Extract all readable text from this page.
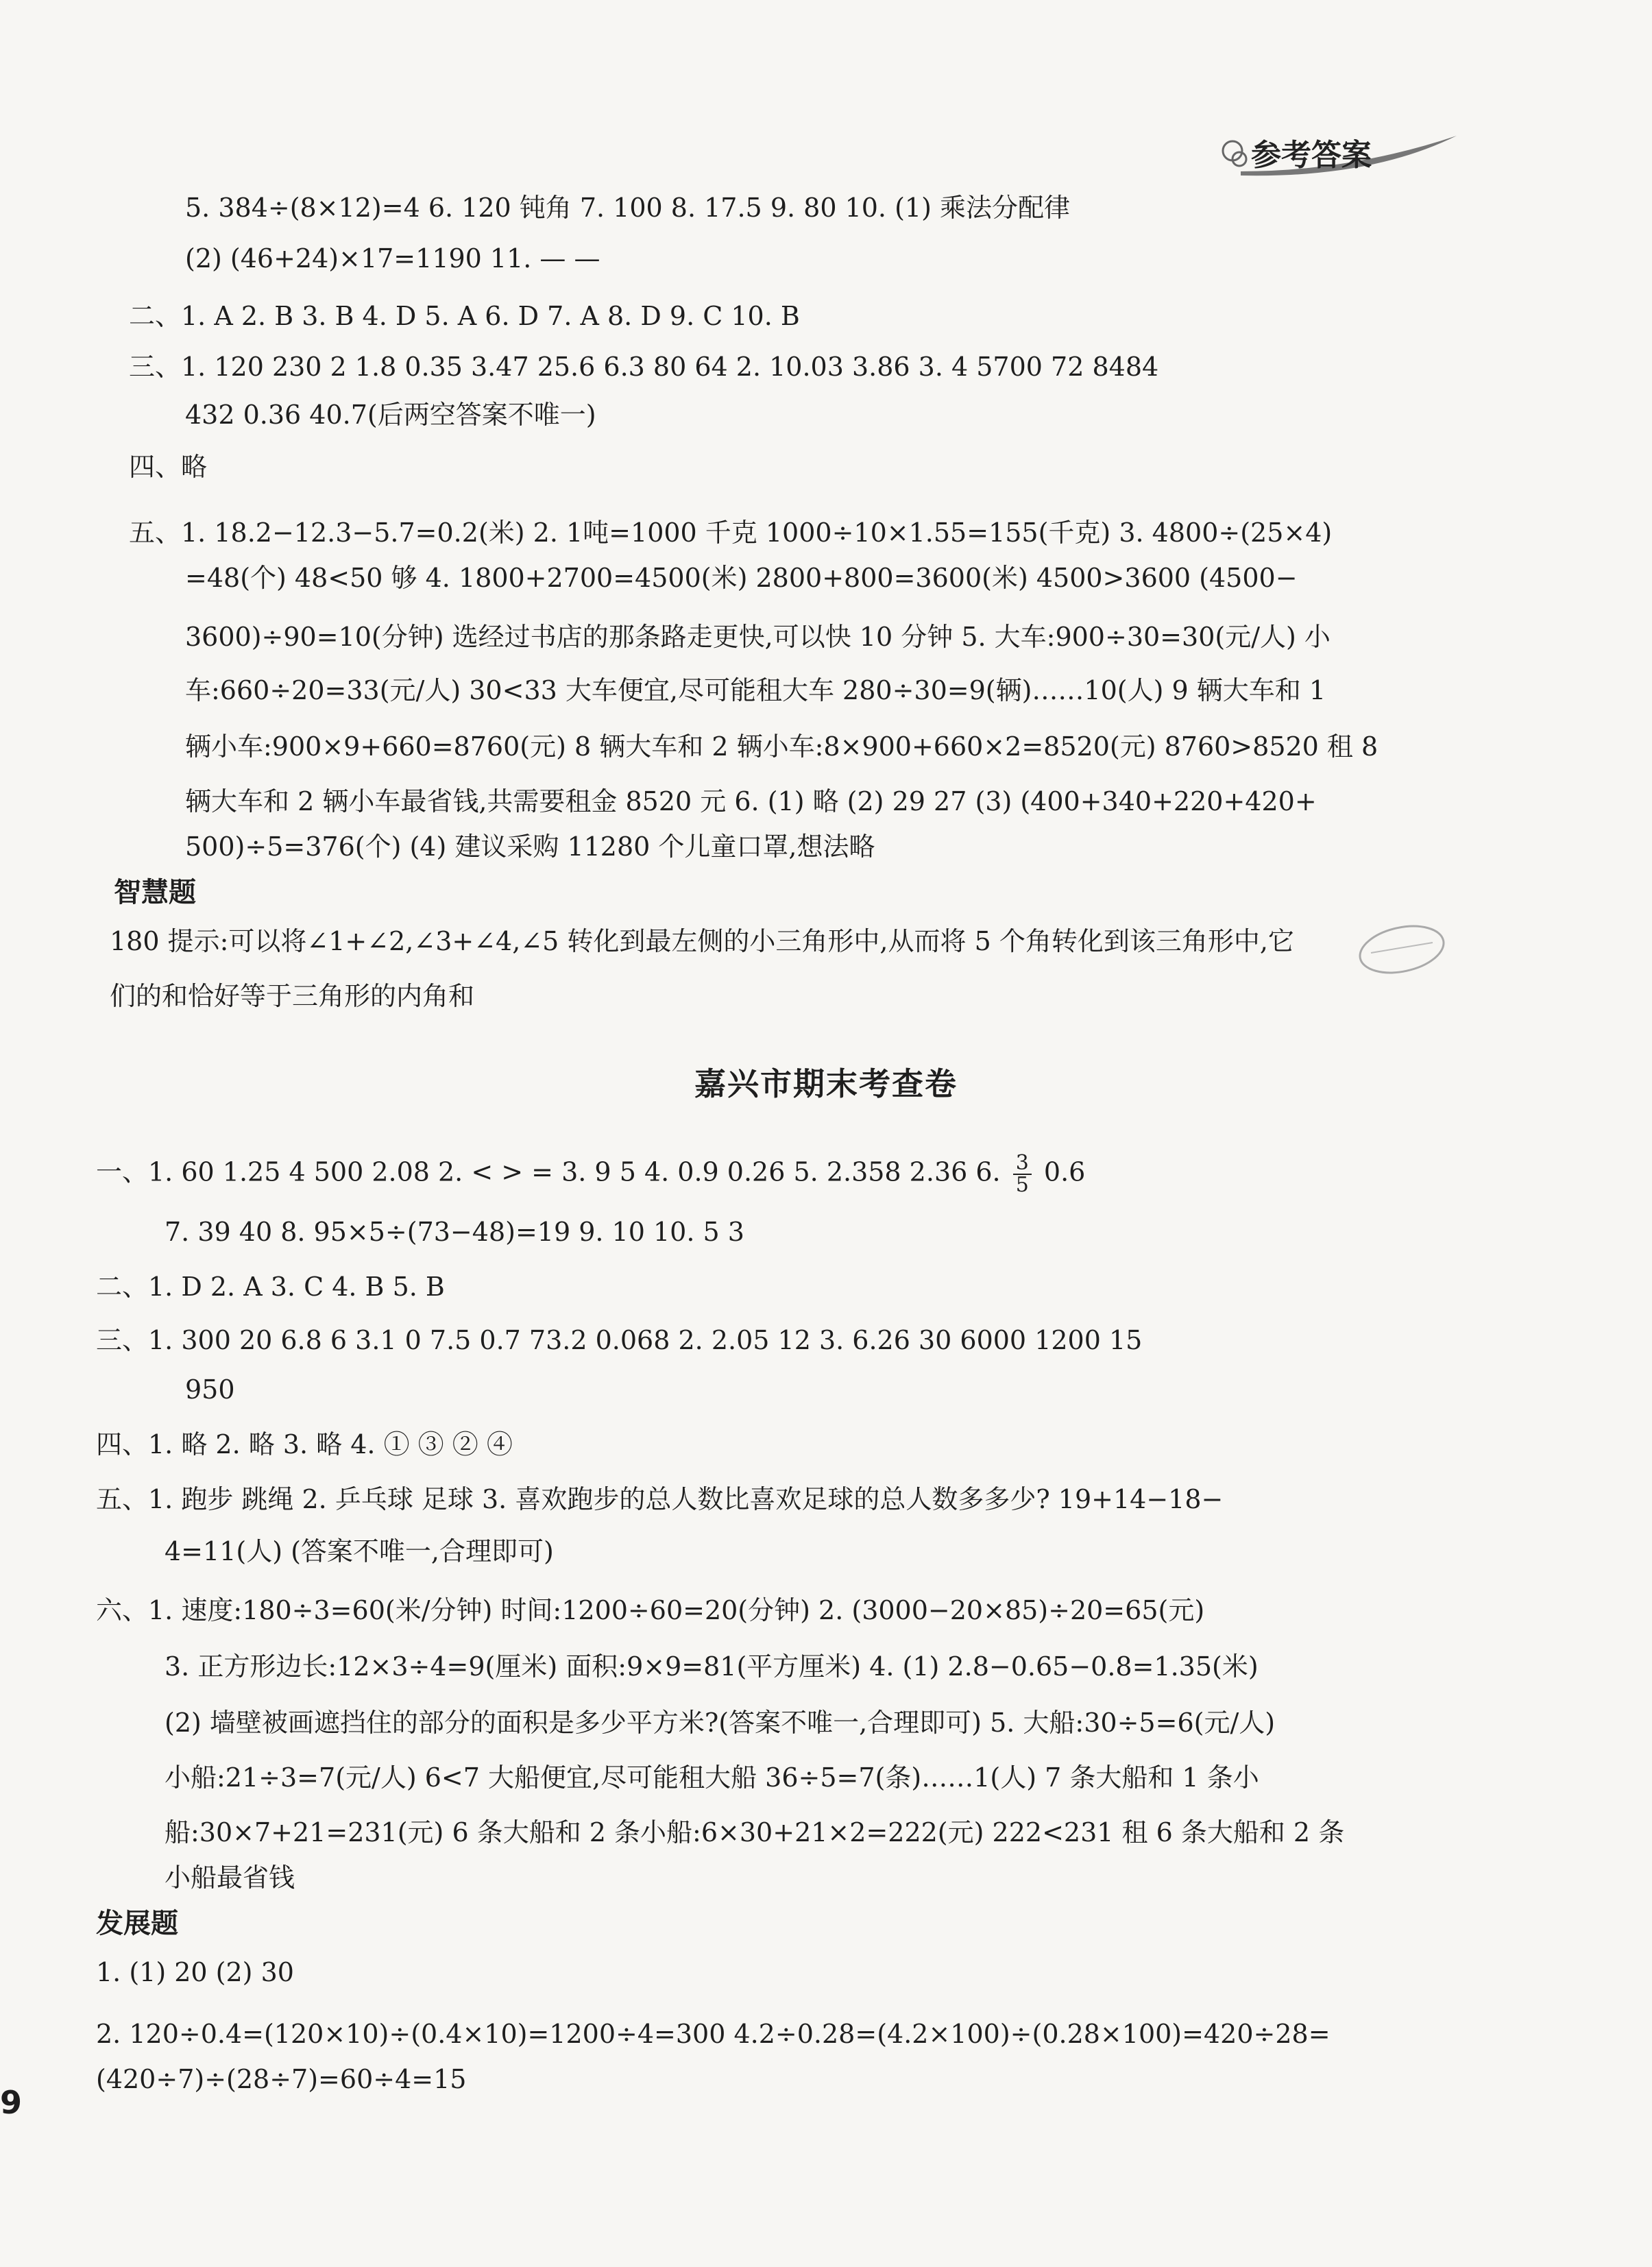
参考答案
5. 384÷(8×12)=4 6. 120 钝角 7. 100 8. 17.5 9. 80 10. (1) 乘法分配律
(2) (46+24)×17=1190 11. — —
二、1. A 2. B 3. B 4. D 5. A 6. D 7. A 8. D 9. C 10. B
三、1. 120 230 2 1.8 0.35 3.47 25.6 6.3 80 64 2. 10.03 3.86 3. 4 5700 72 8484
432 0.36 40.7(后两空答案不唯一)
四、略
五、1. 18.2−12.3−5.7=0.2(米) 2. 1吨=1000 千克 1000÷10×1.55=155(千克) 3. 4800÷(25×4)
=48(个) 48<50 够 4. 1800+2700=4500(米) 2800+800=3600(米) 4500>3600 (4500−
3600)÷90=10(分钟) 选经过书店的那条路走更快,可以快 10 分钟 5. 大车:900÷30=30(元/人) 小
车:660÷20=33(元/人) 30<33 大车便宜,尽可能租大车 280÷30=9(辆)……10(人) 9 辆大车和 1
辆小车:900×9+660=8760(元) 8 辆大车和 2 辆小车:8×900+660×2=8520(元) 8760>8520 租 8
辆大车和 2 辆小车最省钱,共需要租金 8520 元 6. (1) 略 (2) 29 27 (3) (400+340+220+420+
500)÷5=376(个) (4) 建议采购 11280 个儿童口罩,想法略
智慧题
180 提示:可以将∠1+∠2,∠3+∠4,∠5 转化到最左侧的小三角形中,从而将 5 个角转化到该三角形中,它
们的和恰好等于三角形的内角和
嘉兴市期末考查卷
一、1. 60 1.25 4 500 2.08 2. < > = 3. 9 5 4. 0.9 0.26 5. 2.358 2.36 6. $\frac{3}{5} 0.6$
7. 39 40 8. 95×5÷(73−48)=19 9. 10 10. 5 3
二、1. D 2. A 3. C 4. B 5. B
三、1. 300 20 6.8 6 3.1 0 7.5 0.7 73.2 0.068 2. 2.05 12 3. 6.26 30 6000 1200 15
950
四、1. 略 2. 略 3. 略 4. ① ③ ② ④
五、1. 跑步 跳绳 2. 乒乓球 足球 3. 喜欢跑步的总人数比喜欢足球的总人数多多少? 19+14−18−
4=11(人) (答案不唯一,合理即可)
六、1. 速度:180÷3=60(米/分钟) 时间:1200÷60=20(分钟) 2. (3000−20×85)÷20=65(元)
3. 正方形边长:12×3÷4=9(厘米) 面积:9×9=81(平方厘米) 4. (1) 2.8−0.65−0.8=1.35(米)
(2) 墙壁被画遮挡住的部分的面积是多少平方米?(答案不唯一,合理即可) 5. 大船:30÷5=6(元/人)
小船:21÷3=7(元/人) 6<7 大船便宜,尽可能租大船 36÷5=7(条)……1(人) 7 条大船和 1 条小
船:30×7+21=231(元) 6 条大船和 2 条小船:6×30+21×2=222(元) 222<231 租 6 条大船和 2 条
小船最省钱
发展题
1. (1) 20 (2) 30
2. 120÷0.4=(120×10)÷(0.4×10)=1200÷4=300 4.2÷0.28=(4.2×100)÷(0.28×100)=420÷28=
(420÷7)÷(28÷7)=60÷4=15
9
